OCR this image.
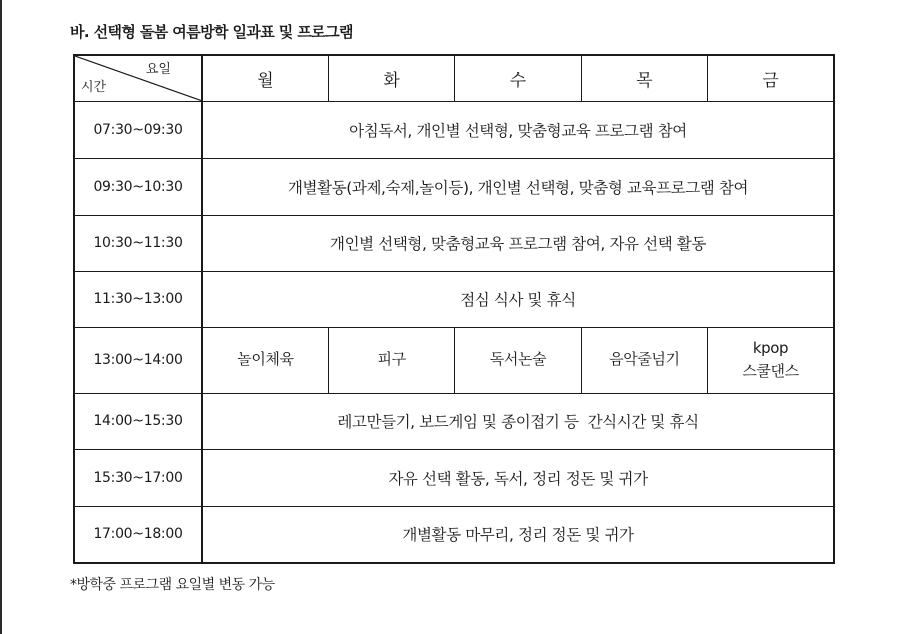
바. 선택형 돌봄 여름방학 일과표 및 프로그램
요일
시간	월	화	수	목	금
07:30~09:30	아침독서, 개인별 선택형, 맞춤형교육 프로그램 참여				
09:30~10:30	개별활동(과제,숙제,놀이등), 개인별 선택형, 맞춤형 교육프로그램 참여				
10:30~11:30	개인별 선택형, 맞춤형교육 프로그램 참여, 자유 선택 활동				
11:30~13:00	점심 식사 및 휴식				
13:00~14:00	놀이체육	피구	독서논술	음악줄넘기	kpop
스쿨댄스
14:00~15:30	레고만들기, 보드게임 및 종이접기 등  간식시간 및 휴식				
15:30~17:00	자유 선택 활동, 독서, 정리 정돈 및 귀가				
17:00~18:00	개별활동 마무리, 정리 정돈 및 귀가				
*방학중 프로그램 요일별 변동 가능
